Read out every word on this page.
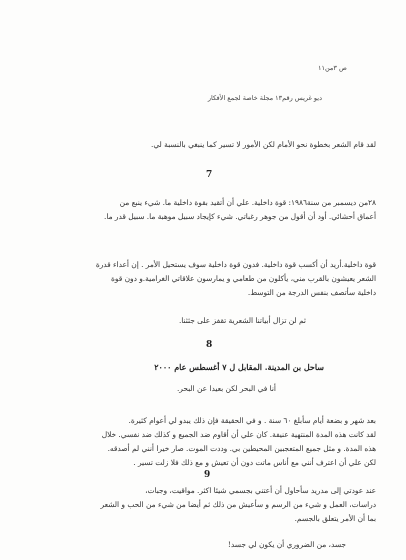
ص ٣من١١
ديو غريس رقم١٣ مجلة خاصة لجمع الأفكار
لقد قام الشعر بخطوة نحو الأمام لكن الأمور لا تسير كما ينبغي بالنسبة لي.
7
٢٨من ديسمبر من سنة١٩٨٦: قوة داخلية. علي أن أتقيد بقوة داخلية ما. شيء ينبع من
أعماق أحشائي. أود أن أقول من جوهر رغباتي. شيء كإيجاد سبيل موهبة ما. سبيل قدر ما.
قوة داخلية.أريد أن أكسب قوة داخلية. فدون قوة داخلية سوف يستحيل الأمر . إن أعداء قدرة
الشعر يعيشون بالقرب مني، يأكلون من طعامي و يمارسون علاقاتي الغرامية.و دون قوة
داخلية سأتصف بنفس الدرجة من التوسط.
ثم لن تزال أبياتنا الشعرية تقفز على جثثنا.
8
ساحل بن المدينة. المقابل ل ٧ أغسطس عام ٢٠٠٠
أنا في البحر لكن بعيدا عن البحر.
بعد شهر و بضعة أيام سأبلغ ٦٠ سنة . و في الحقيقة فإن ذلك يبدو لي أعوام كثيرة.
لقد كانت هذه المدة المنتهية عنيفة. كان علي أن أقاوم ضد الجميع و كذلك ضد نفسي. خلال
هذه المدة. و مثل جميع المتعجبين المحيطين بي. وددت الموت. صار خيرا أنني لم أصدقه.
لكن علي أن اعترف أنني مع أناس ماتت دون أن تعيش و مع ذلك فلا زلت تسير .
9
عند عودتي إلى مدريد سأحاول أن أعتني بجسمي شيئا اكثر. مواقيت، وجبات،
دراسات، العمل و شيء من الرسم و سأعيش من ذلك ثم أيضا من شيء من الحب و الشعر
بما أن الأمر يتعلق بالجسم.
جسد، من الضروري أن يكون لي جسد!
